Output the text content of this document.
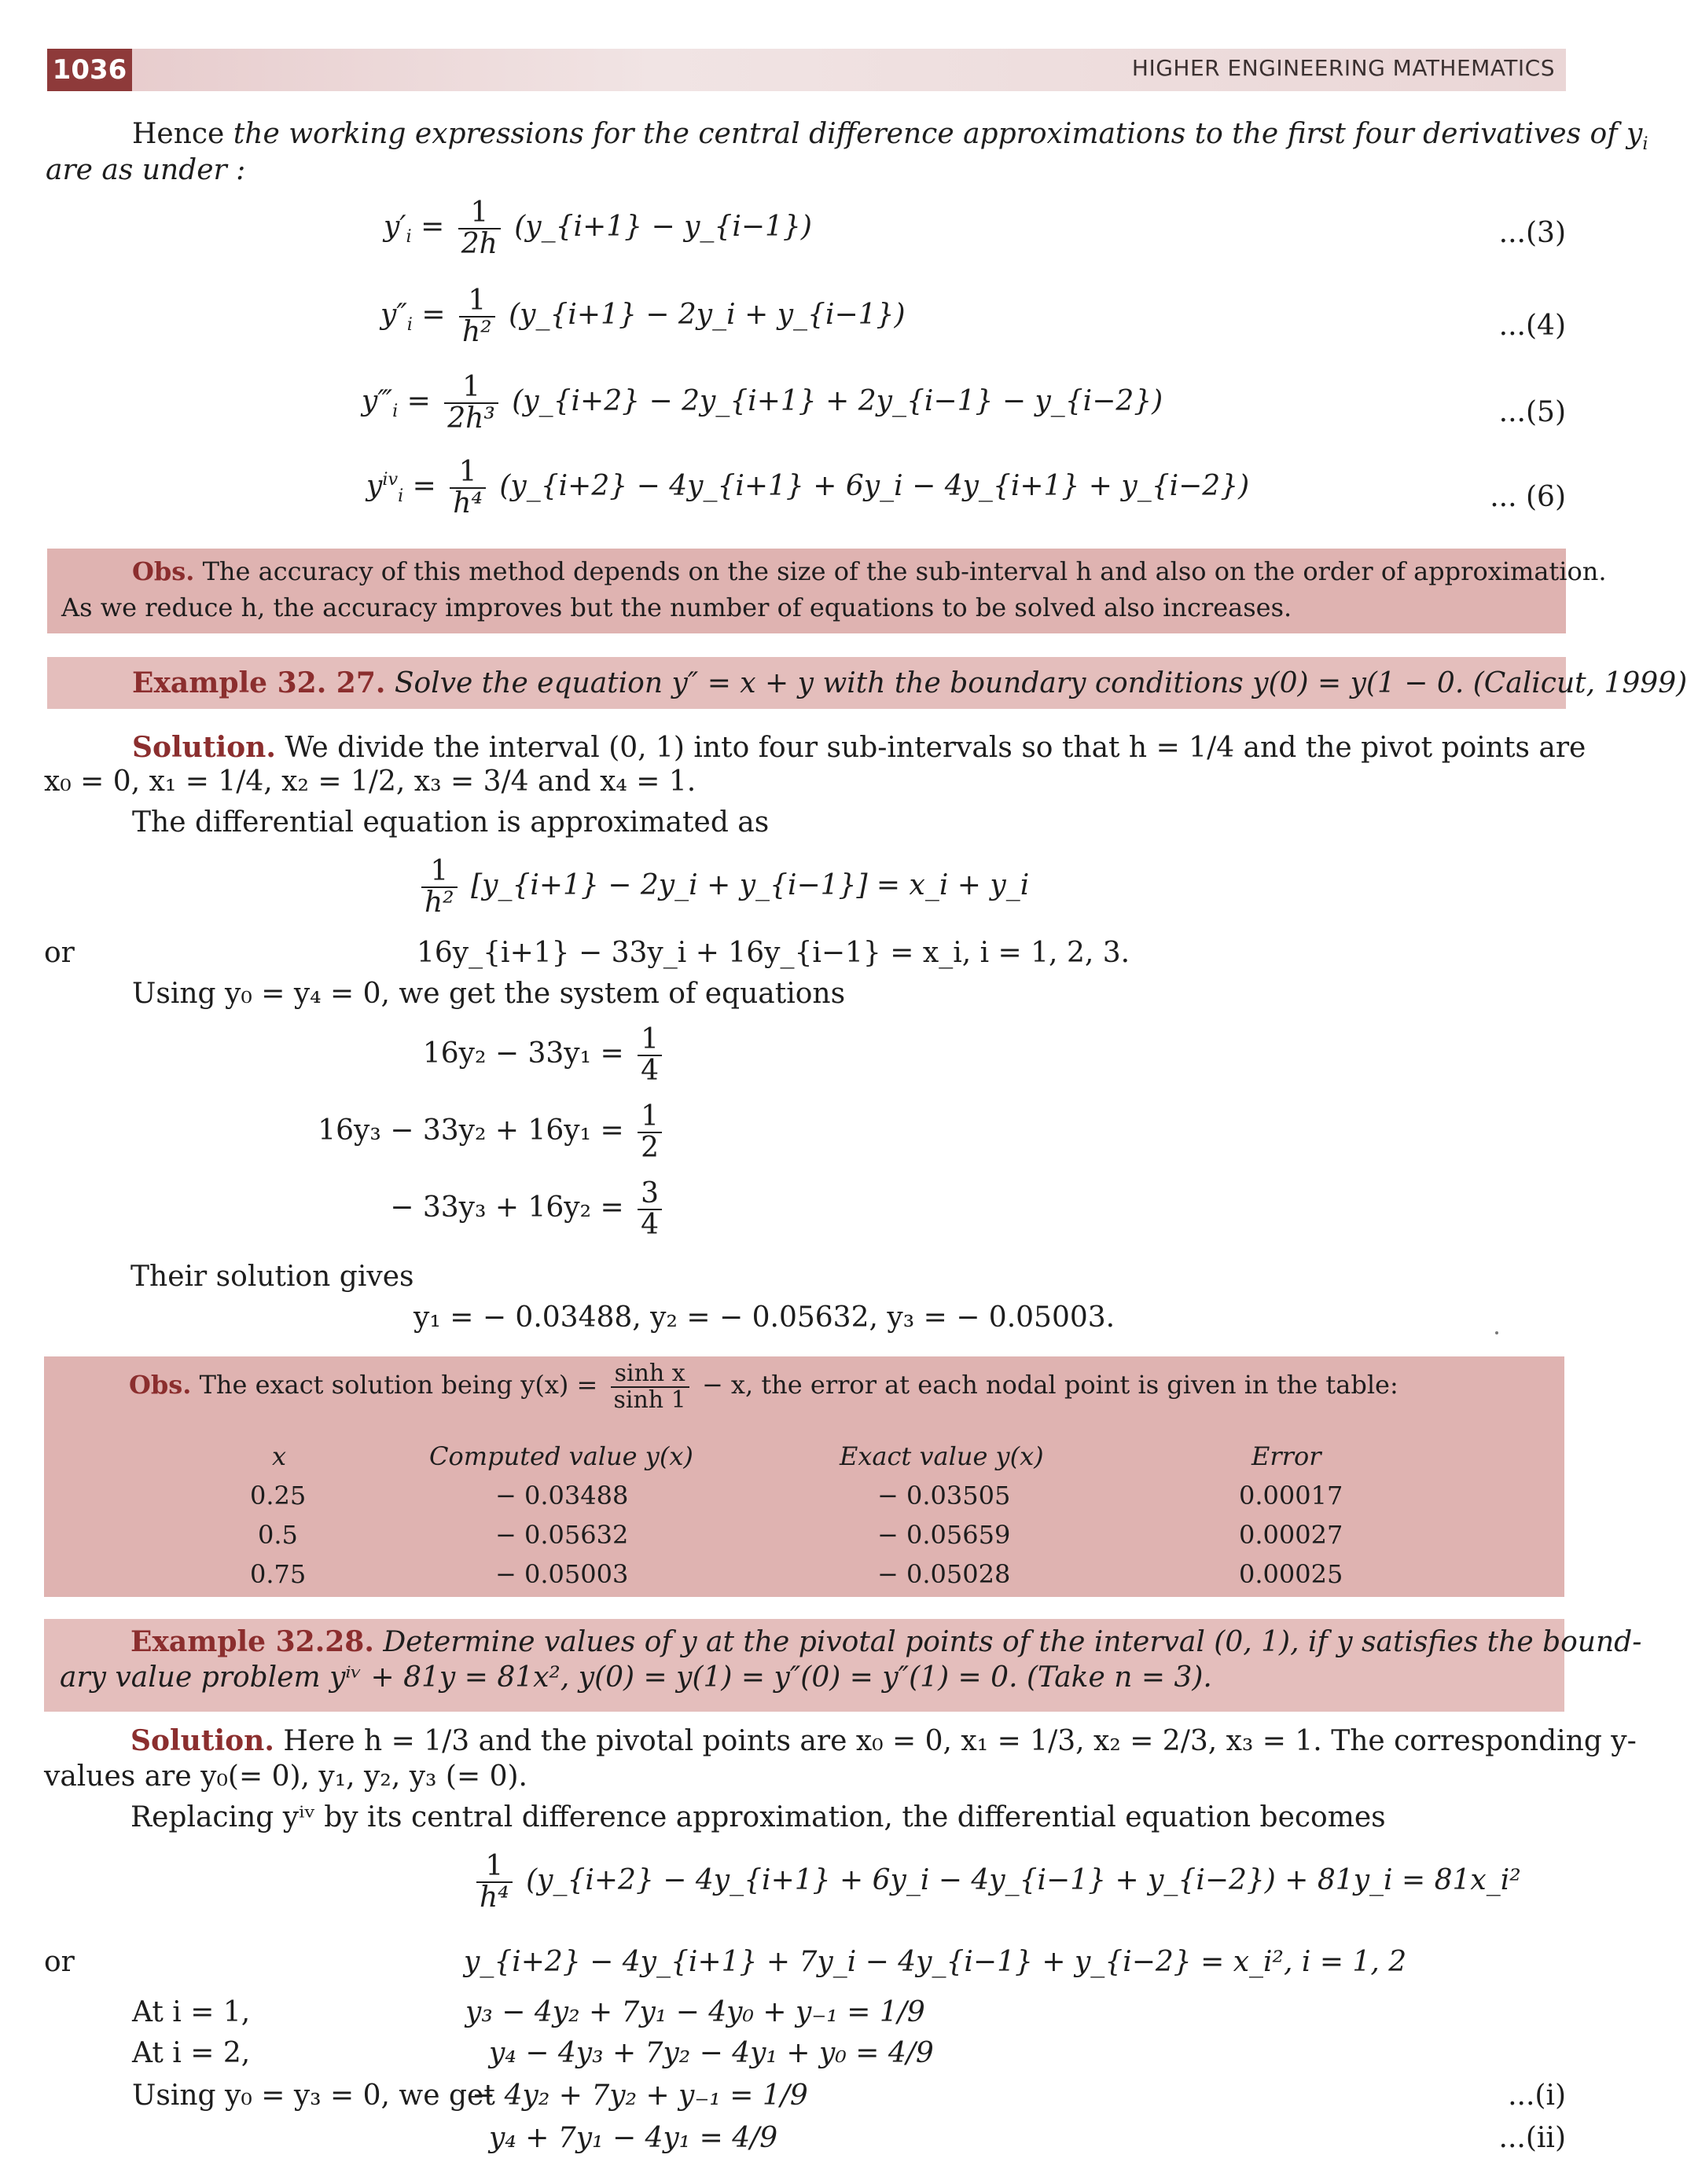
1036	HIGHER ENGINEERING MATHEMATICS
Hence the working expressions for the central difference approximations to the first four derivatives of $y_i$
are as under :
$y'_i = \frac{1}{2h}$ (y_{i+1} − y_{i−1})	...(3)
$y''_i = \frac{1}{\text{h²}}$ (y_{i+1} − 2y_i + y_{i−1})	...(4)
$y‴_i = \frac{1}{\text{2h³}}$ (y_{i+2} − 2y_{i+1} + 2y_{i−1} − y_{i−2})	...(5)
$y^{iv}_i = \frac{1}{\text{h⁴}}$ (y_{i+2} − 4y_{i+1} + 6y_i − 4y_{i+1} + y_{i−2})	... (6)
Obs. The accuracy of this method depends on the size of the sub-interval h and also on the order of approximation.
As we reduce h, the accuracy improves but the number of equations to be solved also increases.
Example 32. 27. Solve the equation y″ = x + y with the boundary conditions y(0) = y(1 − 0. (Calicut, 1999)
Solution. We divide the interval (0, 1) into four sub-intervals so that h = 1/4 and the pivot points are
x₀ = 0, x₁ = 1/4, x₂ = 1/2, x₃ = 3/4 and x₄ = 1.
The differential equation is approximated as
$\frac{1}{\text{h²}}$ [y_{i+1} − 2y_i + y_{i−1}] = x_i + y_i
or	16y_{i+1} − 33y_i + 16y_{i−1} = x_i, i = 1, 2, 3.
Using y₀ = y₄ = 0, we get the system of equations
$16y_2 - 33y_1 = \frac{1}{4}$
$16y_3 - 33y_2 + 16y_1 = \frac{1}{2}$
− $33y_3 + 16y_2 = \frac{3}{4}$
Their solution gives
y₁ = − 0.03488, y₂ = − 0.05632, y₃ = − 0.05003.
Obs. The exact solution being $y(x) = \frac{\text{sinh x}}{\sinh 1} - x$, the error at each nodal point is given in the table:
x	Computed value y(x)	Exact value y(x)	Error
0.25	− 0.03488	− 0.03505	0.00017
0.5	− 0.05632	− 0.05659	0.00027
0.75	− 0.05003	− 0.05028	0.00025
Example 32.28. Determine values of y at the pivotal points of the interval (0, 1), if y satisfies the bound-
ary value problem yⁱᵛ + 81y = 81x², y(0) = y(1) = y″(0) = y″(1) = 0. (Take n = 3).
Solution. Here h = 1/3 and the pivotal points are x₀ = 0, x₁ = 1/3, x₂ = 2/3, x₃ = 1. The corresponding y-
values are y₀(= 0), y₁, y₂, y₃ (= 0).
Replacing yⁱᵛ by its central difference approximation, the differential equation becomes
$\frac{1}{\text{h⁴}}$ (y_{i+2} − 4y_{i+1} + 6y_i − 4y_{i−1} + y_{i−2}) + 81y_i = 81x_i²
or	y_{i+2} − 4y_{i+1} + 7y_i − 4y_{i−1} + y_{i−2} = x_i², i = 1, 2
At i = 1,	y₃ − 4y₂ + 7y₁ − 4y₀ + y₋₁ = 1/9
At i = 2,	y₄ − 4y₃ + 7y₂ − 4y₁ + y₀ = 4/9
Using y₀ = y₃ = 0, we get
− 4y₂ + 7y₂ + y₋₁ = 1/9	...(i)
y₄ + 7y₁ − 4y₁ = 4/9	...(ii)
